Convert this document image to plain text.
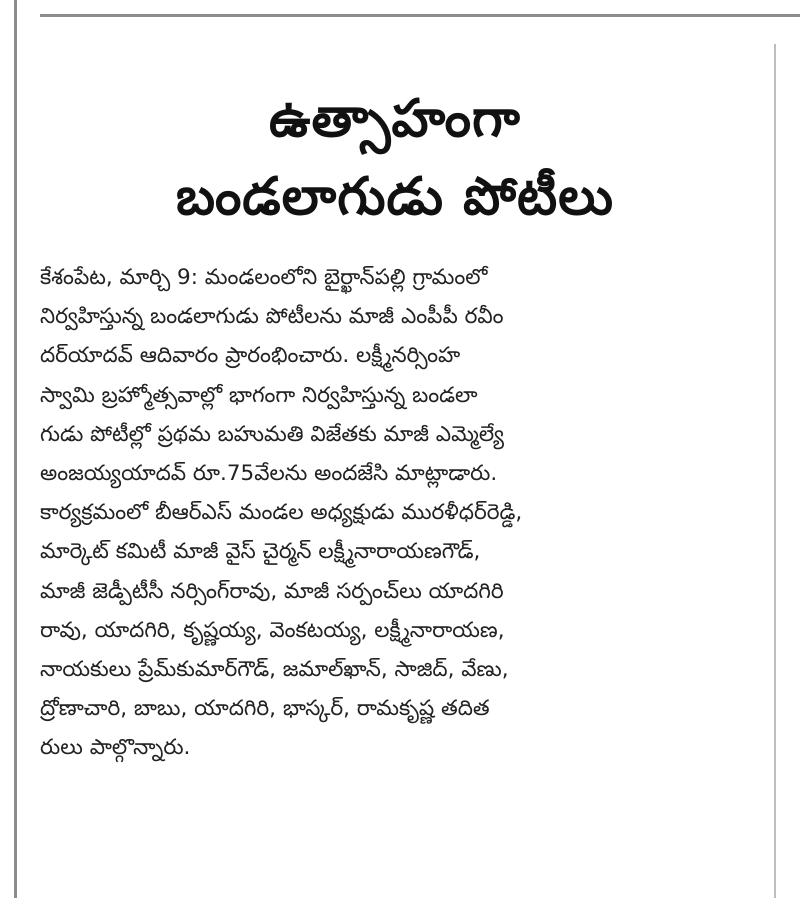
ఉత్సాహంగా
బండలాగుడు పోటీలు
కేశంపేట, మార్చి 9: మండలంలోని బైర్ఖాన్‌పల్లి గ్రామంలో
నిర్వహిస్తున్న బండలాగుడు పోటీలను మాజీ ఎంపీపీ రవీం
దర్‌యాదవ్ ఆదివారం ప్రారంభించారు. లక్ష్మీనర్సింహ
స్వామి బ్రహ్మోత్సవాల్లో భాగంగా నిర్వహిస్తున్న బండలా
గుడు పోటీల్లో ప్రథమ బహుమతి విజేతకు మాజీ ఎమ్మెల్యే
అంజయ్యయాదవ్ రూ.75వేలను అందజేసి మాట్లాడారు.
కార్యక్రమంలో బీఆర్ఎస్ మండల అధ్యక్షుడు మురళీధర్‌రెడ్డి,
మార్కెట్ కమిటీ మాజీ వైస్ చైర్మన్ లక్ష్మీనారాయణగౌడ్,
మాజీ జెడ్పీటీసీ నర్సింగ్‌రావు, మాజీ సర్పంచ్‌లు యాదగిరి
రావు, యాదగిరి, కృష్ణయ్య, వెంకటయ్య, లక్ష్మీనారాయణ,
నాయకులు ప్రేమ్‌కుమార్‌గౌడ్, జమాల్‌ఖాన్, సాజిద్, వేణు,
ద్రోణాచారి, బాబు, యాదగిరి, భాస్కర్, రామకృష్ణ తదిత
రులు పాల్గొన్నారు.
